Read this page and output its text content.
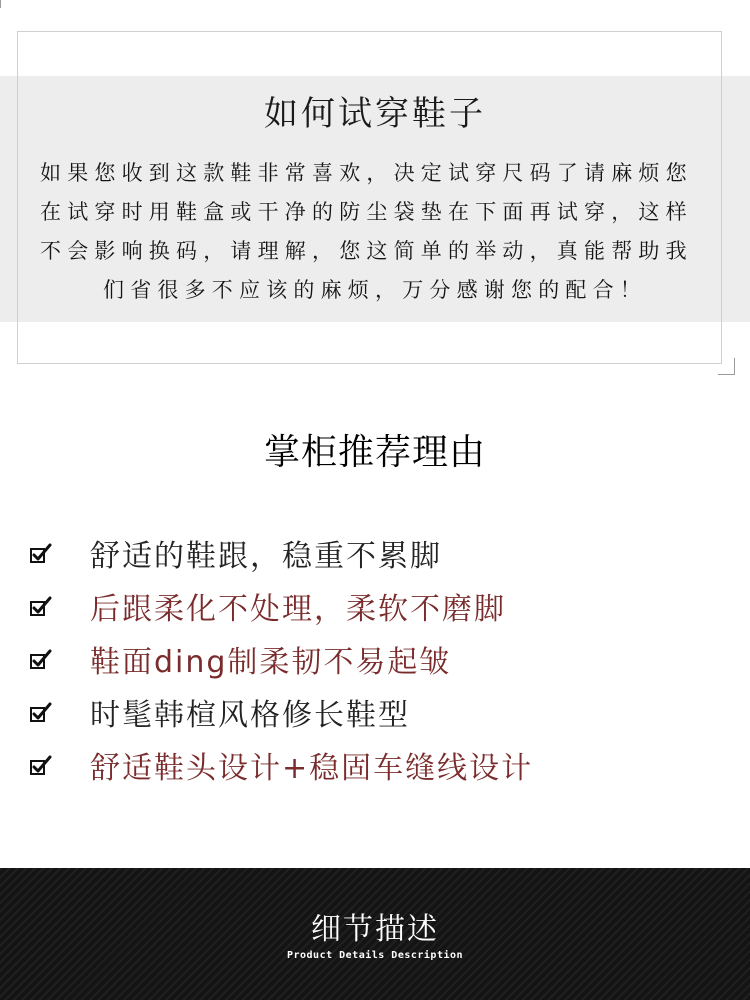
如何试穿鞋子
如果您收到这款鞋非常喜欢，决定试穿尺码了请麻烦您
在试穿时用鞋盒或干净的防尘袋垫在下面再试穿，这样
不会影响换码，请理解，您这简单的举动，真能帮助我
们省很多不应该的麻烦，万分感谢您的配合！
掌柜推荐理由
舒适的鞋跟，稳重不累脚
后跟柔化不处理，柔软不磨脚
鞋面ding制柔韧不易起皱
时髦韩楦风格修长鞋型
舒适鞋头设计+稳固车缝线设计
细节描述
Product Details Description
